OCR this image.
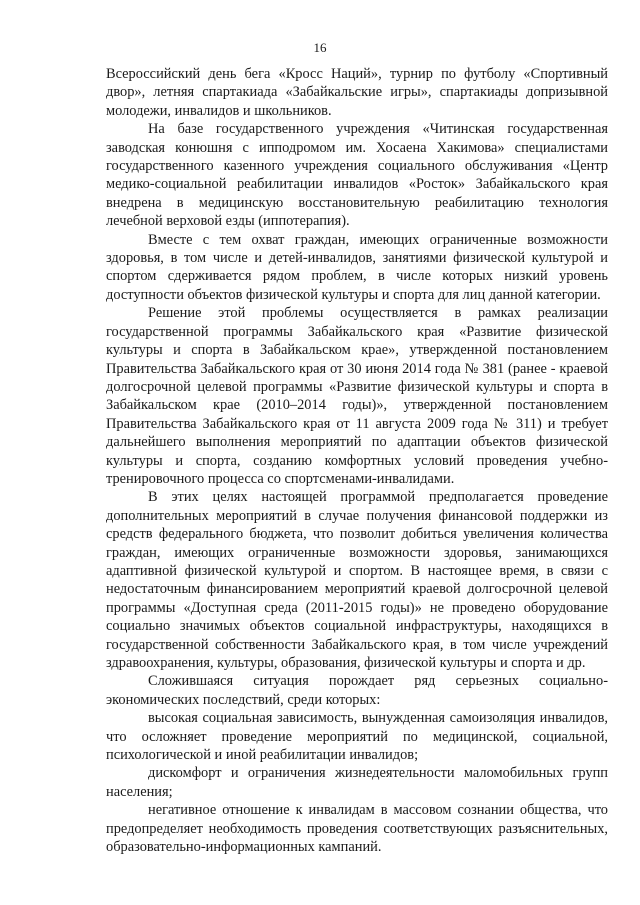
16

Всероссийский день бега «Кросс Наций», турнир по футболу «Спортивный двор», летняя спартакиада «Забайкальские игры», спартакиады допризывной молодежи, инвалидов и школьников.

На базе государственного учреждения «Читинская государственная заводская конюшня с ипподромом им. Хосаена Хакимова» специалистами государственного казенного учреждения социального обслуживания «Центр медико-социальной реабилитации инвалидов «Росток» Забайкальского края внедрена в медицинскую восстановительную реабилитацию технология лечебной верховой езды (иппотерапия).

Вместе с тем охват граждан, имеющих ограниченные возможности здоровья, в том числе и детей-инвалидов, занятиями физической культурой и спортом сдерживается рядом проблем, в числе которых низкий уровень доступности объектов физической культуры и спорта для лиц данной категории.

Решение этой проблемы осуществляется в рамках реализации государственной программы Забайкальского края «Развитие физической культуры и спорта в Забайкальском крае», утвержденной постановлением Правительства Забайкальского края от 30 июня 2014 года № 381 (ранее - краевой долгосрочной целевой программы «Развитие физической культуры и спорта в Забайкальском крае (2010–2014 годы)», утвержденной постановлением Правительства Забайкальского края от 11 августа 2009 года № 311) и требует дальнейшего выполнения мероприятий по адаптации объектов физической культуры и спорта, созданию комфортных условий проведения учебно-тренировочного процесса со спортсменами-инвалидами.

В этих целях настоящей программой предполагается проведение дополнительных мероприятий в случае получения финансовой поддержки из средств федерального бюджета, что позволит добиться увеличения количества граждан, имеющих ограниченные возможности здоровья, занимающихся адаптивной физической культурой и спортом. В настоящее время, в связи с недостаточным финансированием мероприятий краевой долгосрочной целевой программы «Доступная среда (2011-2015 годы)» не проведено оборудование социально значимых объектов социальной инфраструктуры, находящихся в государственной собственности Забайкальского края, в том числе учреждений здравоохранения, культуры, образования, физической культуры и спорта и др.

Сложившаяся ситуация порождает ряд серьезных социально-экономических последствий, среди которых:

высокая социальная зависимость, вынужденная самоизоляция инвалидов, что осложняет проведение мероприятий по медицинской, социальной, психологической и иной реабилитации инвалидов;

дискомфорт и ограничения жизнедеятельности маломобильных групп населения;

негативное отношение к инвалидам в массовом сознании общества, что предопределяет необходимость проведения соответствующих разъяснительных, образовательно-информационных кампаний.
